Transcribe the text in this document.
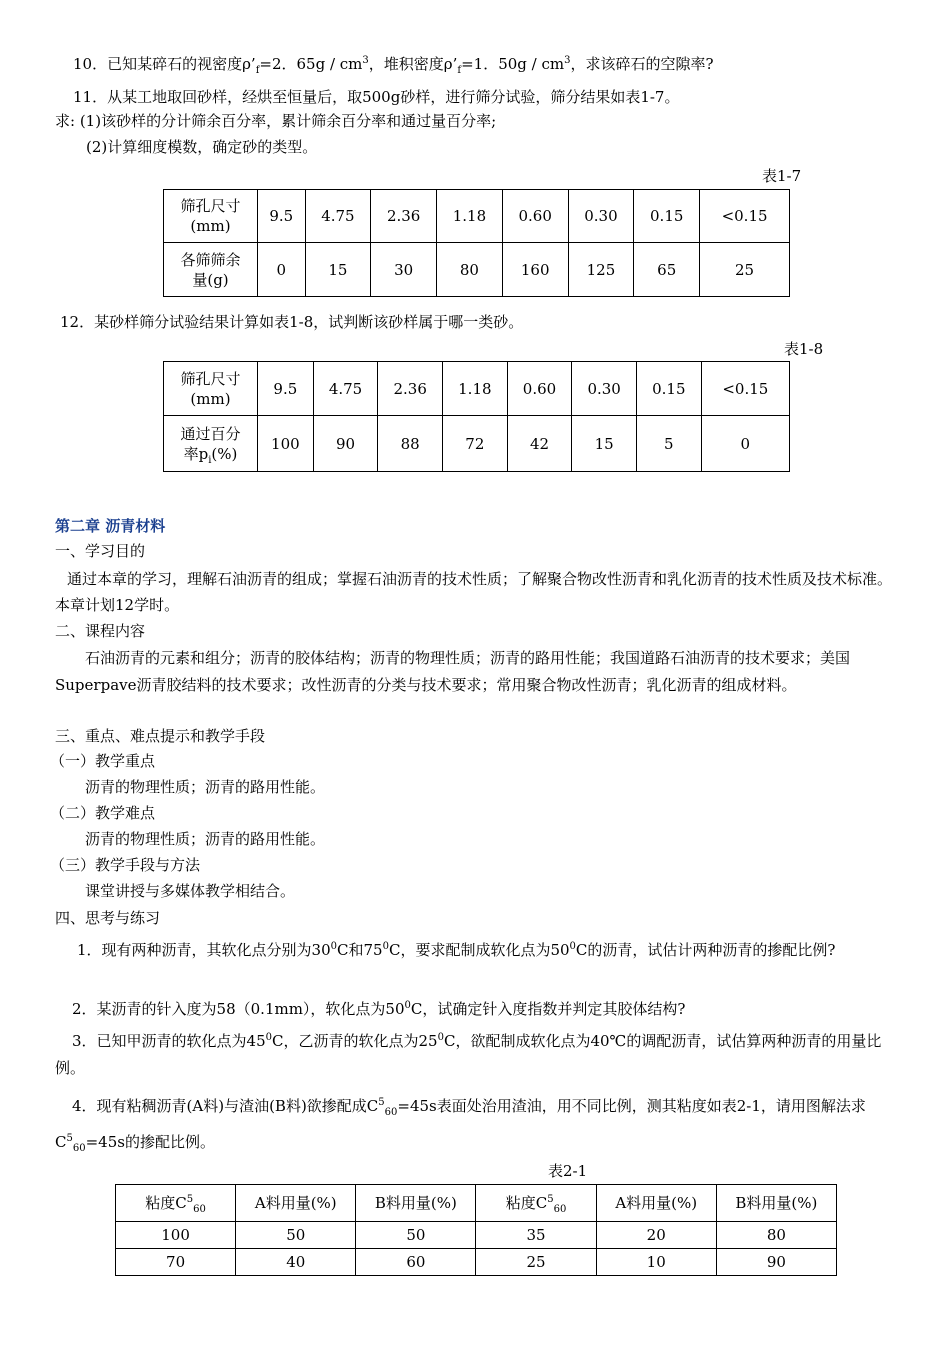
10．已知某碎石的视密度$\rho’_f=2$．$65g / cm^3$，堆积密度$\rho’_f=1$．$50g / cm^3$，求该碎石的空隙率?
11．从某工地取回砂样，经烘至恒量后，取500g砂样，进行筛分试验，筛分结果如表1-7。
求: (1)该砂样的分计筛余百分率，累计筛余百分率和通过量百分率;
(2)计算细度模数，确定砂的类型。
表1-7
筛孔尺寸(mm)	9.5	4.75	2.36	1.18	0.60	0.30	0.15	<0.15

各筛筛余量(g)	0	15	30	80	160	125	65	25
12．某砂样筛分试验结果计算如表1-8，试判断该砂样属于哪一类砂。
表1-8
筛孔尺寸(mm)	9.5	4.75	2.36	1.18	0.60	0.30	0.15	<0.15

通过百分率$p_i(\%)$	100	90	88	72	42	15	5	0
第二章 沥青材料
一、学习目的
通过本章的学习，理解石油沥青的组成；掌握石油沥青的技术性质；了解聚合物改性沥青和乳化沥青的技术性质及技术标准。本章计划12学时。
二、课程内容
石油沥青的元素和组分；沥青的胶体结构；沥青的物理性质；沥青的路用性能；我国道路石油沥青的技术要求；美国Superpave沥青胶结料的技术要求；改性沥青的分类与技术要求；常用聚合物改性沥青；乳化沥青的组成材料。
三、重点、难点提示和教学手段
（一）教学重点
沥青的物理性质；沥青的路用性能。
（二）教学难点
沥青的物理性质；沥青的路用性能。
（三）教学手段与方法
课堂讲授与多媒体教学相结合。
四、思考与练习
1．现有两种沥青，其软化点分别为$30^0C$和$75^0C$，要求配制成软化点为$50^0C$的沥青，试估计两种沥青的掺配比例?
2．某沥青的针入度为58（0.1mm），软化点为$50^0C$，试确定针入度指数并判定其胶体结构?
3．已知甲沥青的软化点为$45^0C$，乙沥青的软化点为$25^0C$，欲配制成软化点为40℃的调配沥青，试估算两种沥青的用量比例。
4．现有粘稠沥青(A料)与渣油(B料)欲掺配成$C^5_{60}=45s$表面处治用渣油，用不同比例，测其粘度如表2-1，请用图解法求$C^5_{60}=45s$的掺配比例。
表2-1
粘度$C^5_{60}$	A料用量(%)	B料用量(%)	粘度$C^5_{60}$	A料用量(%)	B料用量(%)
100	50	50	35	20	80
70	40	60	25	10	90
